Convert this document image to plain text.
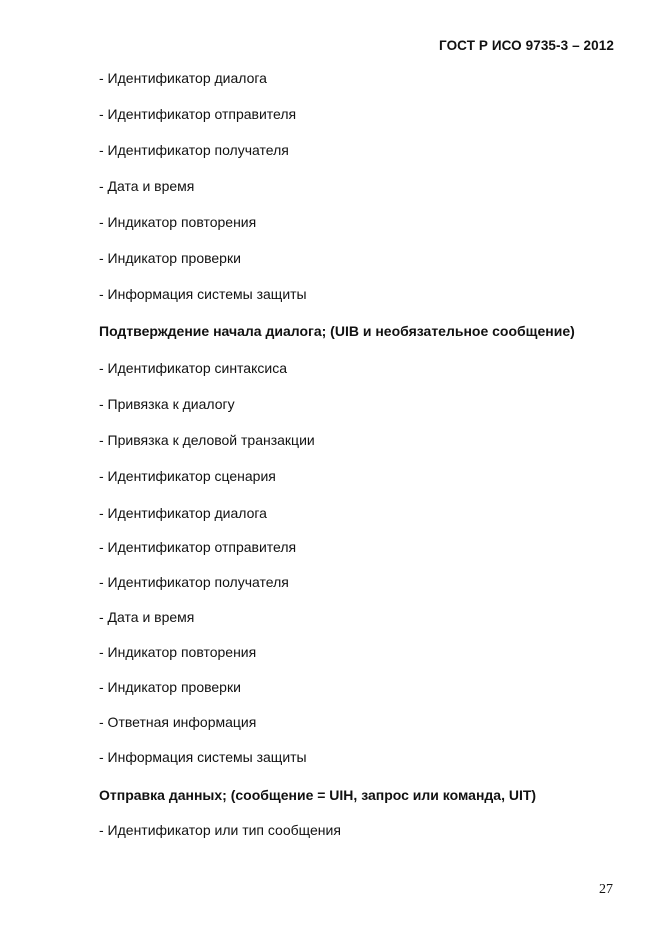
ГОСТ Р ИСО 9735-3 – 2012
- Идентификатор диалога
- Идентификатор отправителя
- Идентификатор получателя
- Дата и время
- Индикатор повторения
- Индикатор проверки
- Информация системы защиты
Подтверждение начала диалога; (UIB и необязательное сообщение)
- Идентификатор синтаксиса
- Привязка к диалогу
- Привязка к деловой транзакции
- Идентификатор сценария
- Идентификатор диалога
- Идентификатор отправителя
- Идентификатор получателя
- Дата и время
- Индикатор повторения
- Индикатор проверки
- Ответная информация
- Информация системы защиты
Отправка данных; (сообщение = UIH, запрос или команда, UIT)
- Идентификатор или тип сообщения
27
